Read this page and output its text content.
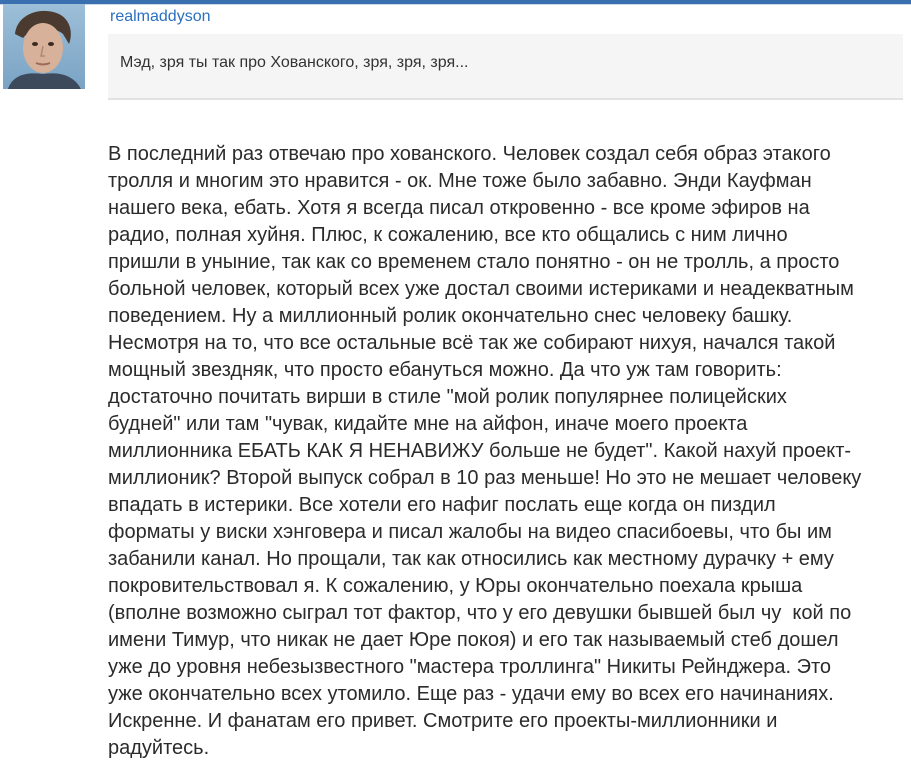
realmaddyson
Мэд, зря ты так про Хованского, зря, зря, зря...

В последний раз отвечаю про хованского. Человек создал себя образ этакого
тролля и многим это нравится - ок. Мне тоже было забавно. Энди Кауфман
нашего века, ебать. Хотя я всегда писал откровенно - все кроме эфиров на
радио, полная хуйня. Плюс, к сожалению, все кто общались с ним лично
пришли в уныние, так как со временем стало понятно - он не тролль, а просто
больной человек, который всех уже достал своими истериками и неадекватным
поведением. Ну а миллионный ролик окончательно снес человеку башку.
Несмотря на то, что все остальные всё так же собирают нихуя, начался такой
мощный звездняк, что просто ебануться можно. Да что уж там говорить:
достаточно почитать вирши в стиле "мой ролик популярнее полицейских
будней" или там "чувак, кидайте мне на айфон, иначе моего проекта
миллионника ЕБАТЬ КАК Я НЕНАВИЖУ больше не будет". Какой нахуй проект-
миллионик? Второй выпуск собрал в 10 раз меньше! Но это не мешает человеку
впадать в истерики. Все хотели его нафиг послать еще когда он пиздил
форматы у виски хэнговера и писал жалобы на видео спасибоевы, что бы им
забанили канал. Но прощали, так как относились как местному дурачку + ему
покровительствовал я. К сожалению, у Юры окончательно поехала крыша
(вполне возможно сыграл тот фактор, что у его девушки бывшей был чу  кой по
имени Тимур, что никак не дает Юре покоя) и его так называемый стеб дошел
уже до уровня небезызвестного "мастера троллинга" Никиты Рейнджера. Это
уже окончательно всех утомило. Еще раз - удачи ему во всех его начинаниях.
Искренне. И фанатам его привет. Смотрите его проекты-миллионники и
радуйтесь.
